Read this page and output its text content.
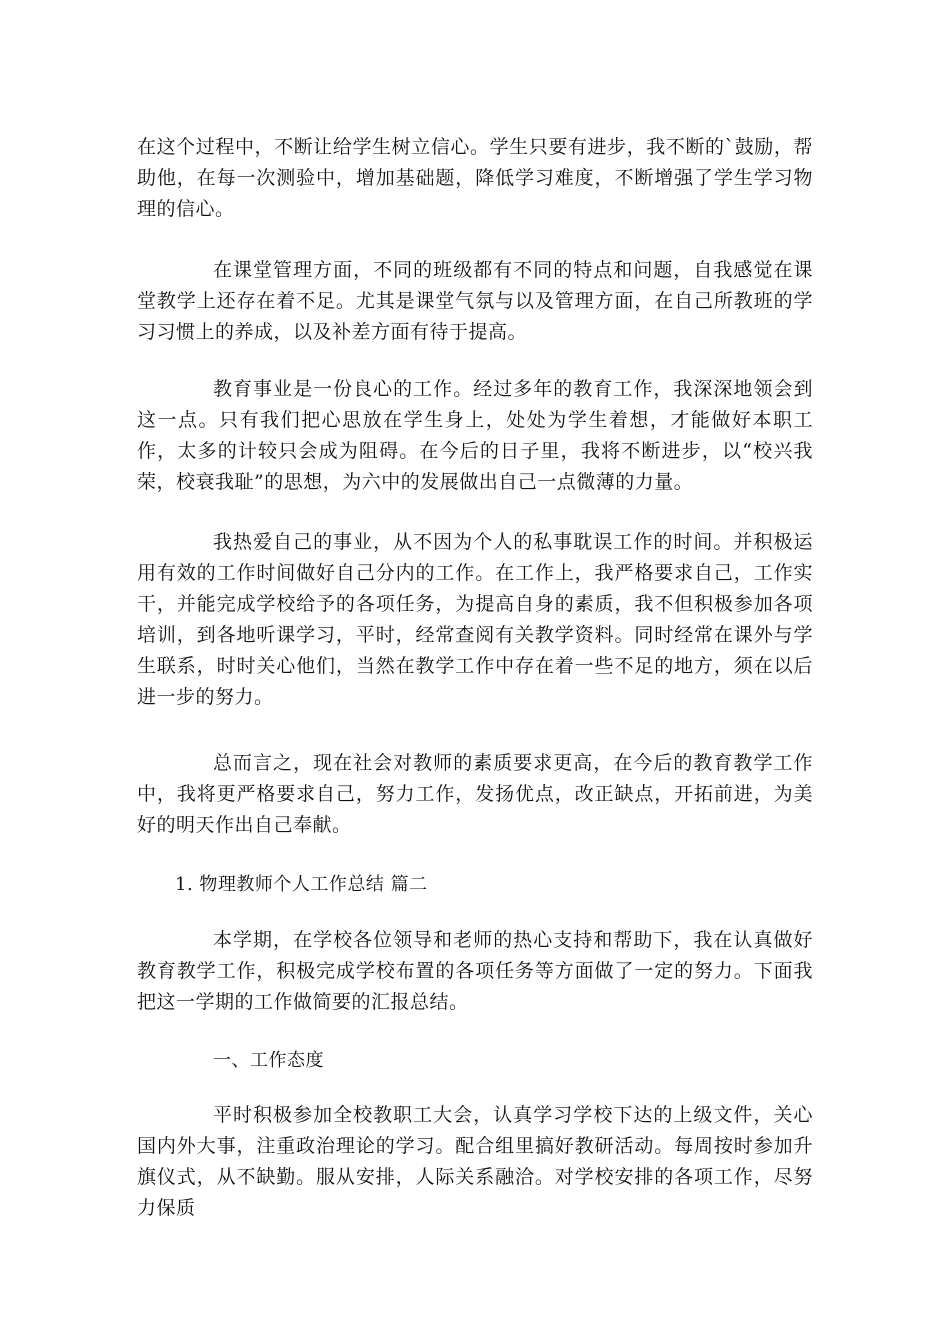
在这个过程中，不断让给学生树立信心。学生只要有进步，我不断的`鼓励，帮助他，在每一次测验中，增加基础题，降低学习难度，不断增强了学生学习物理的信心。

在课堂管理方面，不同的班级都有不同的特点和问题，自我感觉在课堂教学上还存在着不足。尤其是课堂气氛与以及管理方面，在自己所教班的学习习惯上的养成，以及补差方面有待于提高。

教育事业是一份良心的工作。经过多年的教育工作，我深深地领会到这一点。只有我们把心思放在学生身上，处处为学生着想，才能做好本职工作，太多的计较只会成为阻碍。在今后的日子里，我将不断进步，以“校兴我荣，校衰我耻”的思想，为六中的发展做出自己一点微薄的力量。

我热爱自己的事业，从不因为个人的私事耽误工作的时间。并积极运用有效的工作时间做好自己分内的工作。在工作上，我严格要求自己，工作实干，并能完成学校给予的各项任务，为提高自身的素质，我不但积极参加各项培训，到各地听课学习，平时，经常查阅有关教学资料。同时经常在课外与学生联系，时时关心他们，当然在教学工作中存在着一些不足的地方，须在以后进一步的努力。

总而言之，现在社会对教师的素质要求更高，在今后的教育教学工作中，我将更严格要求自己，努力工作，发扬优点，改正缺点，开拓前进，为美好的明天作出自己奉献。

1. 物理教师个人工作总结 篇二

本学期，在学校各位领导和老师的热心支持和帮助下，我在认真做好教育教学工作，积极完成学校布置的各项任务等方面做了一定的努力。下面我把这一学期的工作做简要的汇报总结。

一、工作态度

平时积极参加全校教职工大会，认真学习学校下达的上级文件，关心国内外大事，注重政治理论的学习。配合组里搞好教研活动。每周按时参加升旗仪式，从不缺勤。服从安排，人际关系融洽。对学校安排的各项工作，尽努力保质
